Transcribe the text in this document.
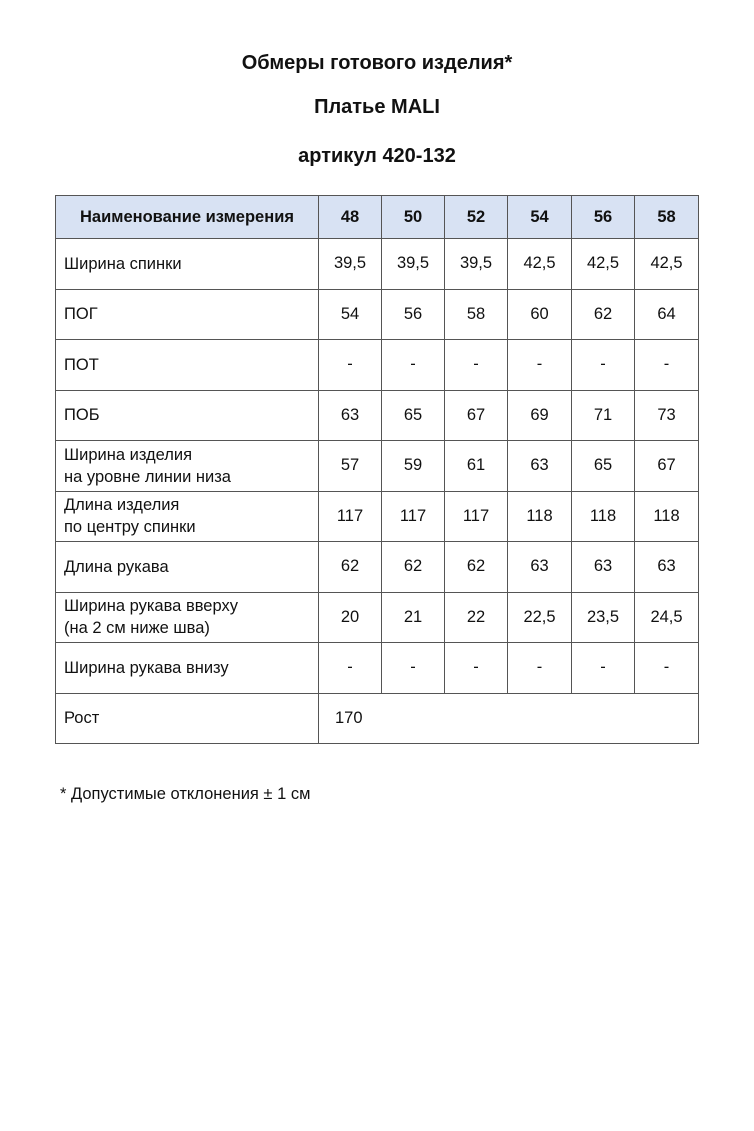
Обмеры готового изделия*
Платье MALI
артикул 420-132
Наименование измерения	48	50	52	54	56	58

Ширина спинки	39,5	39,5	39,5	42,5	42,5	42,5

ПОГ	54	56	58	60	62	64

ПОТ	-	-	-	-	-	-

ПОБ	63	65	67	69	71	73

Ширина изделия
на уровне линии низа	57	59	61	63	65	67

Длина изделия
по центру спинки	117	117	117	118	118	118

Длина рукава	62	62	62	63	63	63

Ширина рукава вверху
(на 2 см ниже шва)	20	21	22	22,5	23,5	24,5

Ширина рукава внизу	-	-	-	-	-	-
Рост	170					
* Допустимые отклонения ± 1 см
